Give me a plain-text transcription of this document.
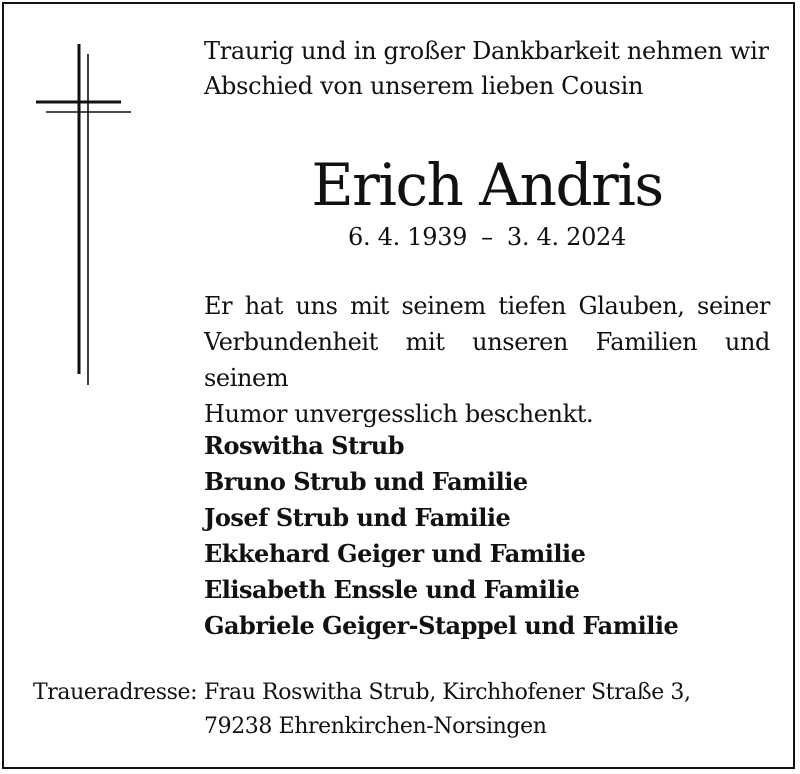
Traurig und in großer Dankbarkeit nehmen wir
Abschied von unserem lieben Cousin
Erich Andris
6. 4. 1939 – 3. 4. 2024
Er hat uns mit seinem tiefen Glauben, seiner
Verbundenheit mit unseren Familien und seinem
Humor unvergesslich beschenkt.
Roswitha Strub
Bruno Strub und Familie
Josef Strub und Familie
Ekkehard Geiger und Familie
Elisabeth Enssle und Familie
Gabriele Geiger-Stappel und Familie
Traueradresse: Frau Roswitha Strub, Kirchhofener Straße 3,
79238 Ehrenkirchen-Norsingen
